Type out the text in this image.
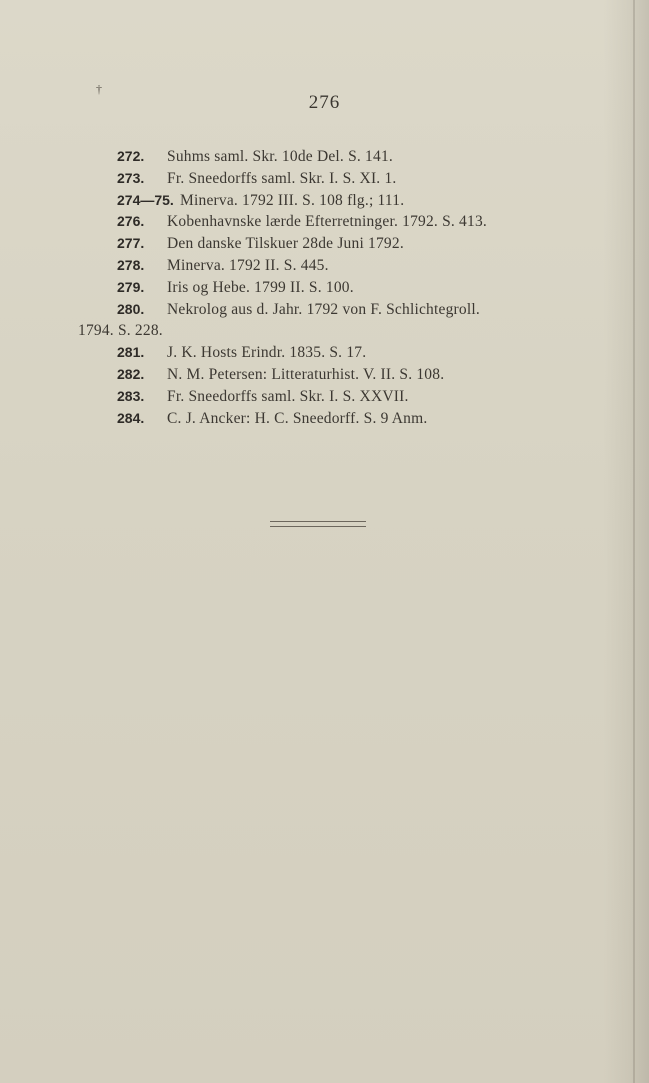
†
276
272. Suhms saml. Skr. 10de Del. S. 141.
273. Fr. Sneedorffs saml. Skr. I. S. XI. 1.
274—75. Minerva. 1792 III. S. 108 flg.; 111.
276. Kobenhavnske lærde Efterretninger. 1792. S. 413.
277. Den danske Tilskuer 28de Juni 1792.
278. Minerva. 1792 II. S. 445.
279. Iris og Hebe. 1799 II. S. 100.
280. Nekrolog aus d. Jahr. 1792 von F. Schlichtegroll.
1794. S. 228.
281. J. K. Hosts Erindr. 1835. S. 17.
282. N. M. Petersen: Litteraturhist. V. II. S. 108.
283. Fr. Sneedorffs saml. Skr. I. S. XXVII.
284. C. J. Ancker: H. C. Sneedorff. S. 9 Anm.
